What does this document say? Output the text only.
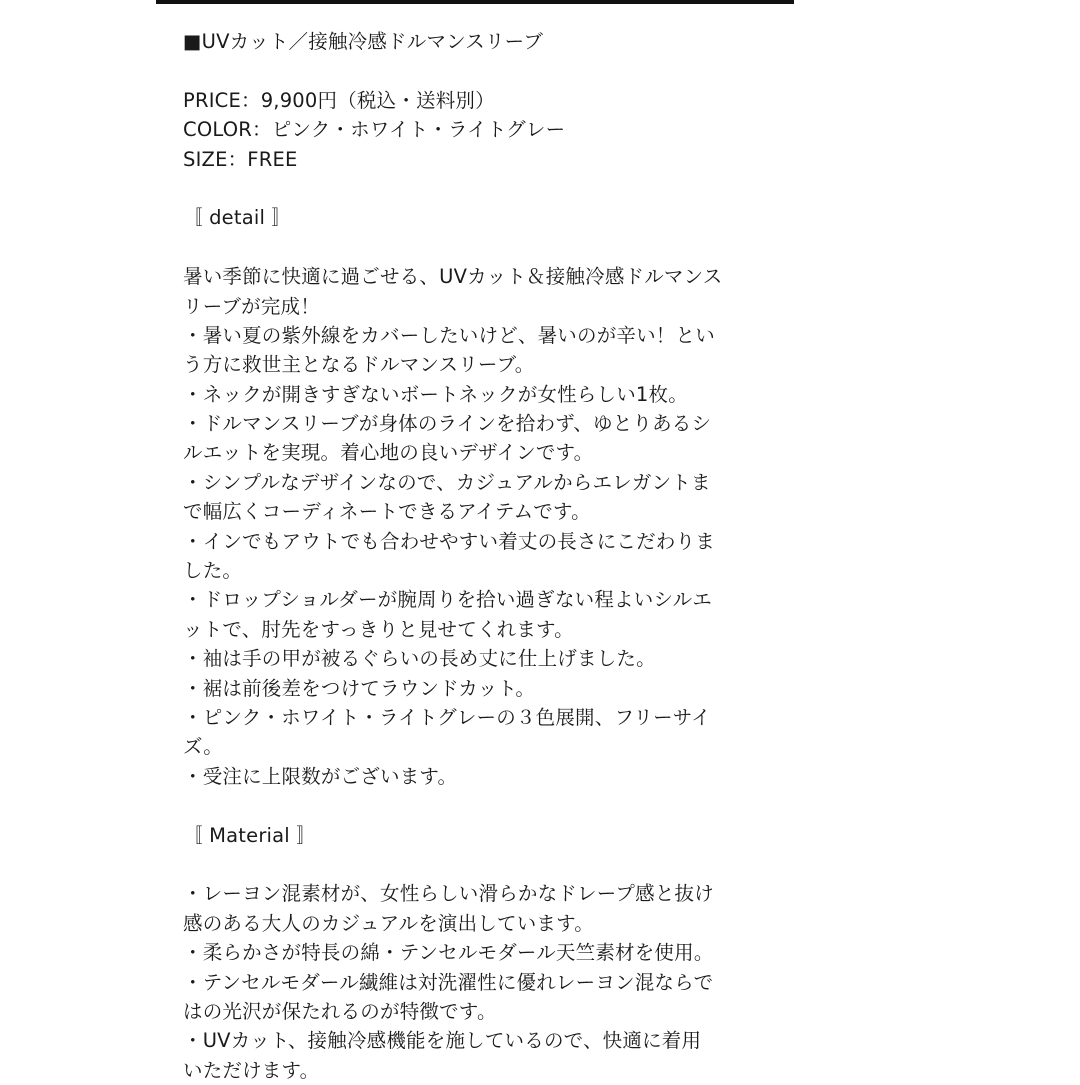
■UVカット／接触冷感ドルマンスリーブ
PRICE：9,900円（税込・送料別）
COLOR：ピンク・ホワイト・ライトグレー
SIZE：FREE
〚 detail 〛
暑い季節に快適に過ごせる、UVカット＆接触冷感ドルマンス
リーブが完成！
・暑い夏の紫外線をカバーしたいけど、暑いのが辛い！とい
う方に救世主となるドルマンスリーブ。
・ネックが開きすぎないボートネックが女性らしい1枚。
・ドルマンスリーブが身体のラインを拾わず、ゆとりあるシ
ルエットを実現。着心地の良いデザインです。
・シンプルなデザインなので、カジュアルからエレガントま
で幅広くコーディネートできるアイテムです。
・インでもアウトでも合わせやすい着丈の長さにこだわりま
した。
・ドロップショルダーが腕周りを拾い過ぎない程よいシルエ
ットで、肘先をすっきりと見せてくれます。
・袖は手の甲が被るぐらいの長め丈に仕上げました。
・裾は前後差をつけてラウンドカット。
・ピンク・ホワイト・ライトグレーの３色展開、フリーサイ
ズ。
・受注に上限数がございます。
〚 Material 〛
・レーヨン混素材が、女性らしい滑らかなドレープ感と抜け
感のある大人のカジュアルを演出しています。
・柔らかさが特長の綿・テンセルモダール天竺素材を使用。
・テンセルモダール繊維は対洗濯性に優れレーヨン混ならで
はの光沢が保たれるのが特徴です。
・UVカット、接触冷感機能を施しているので、快適に着用
いただけます。
